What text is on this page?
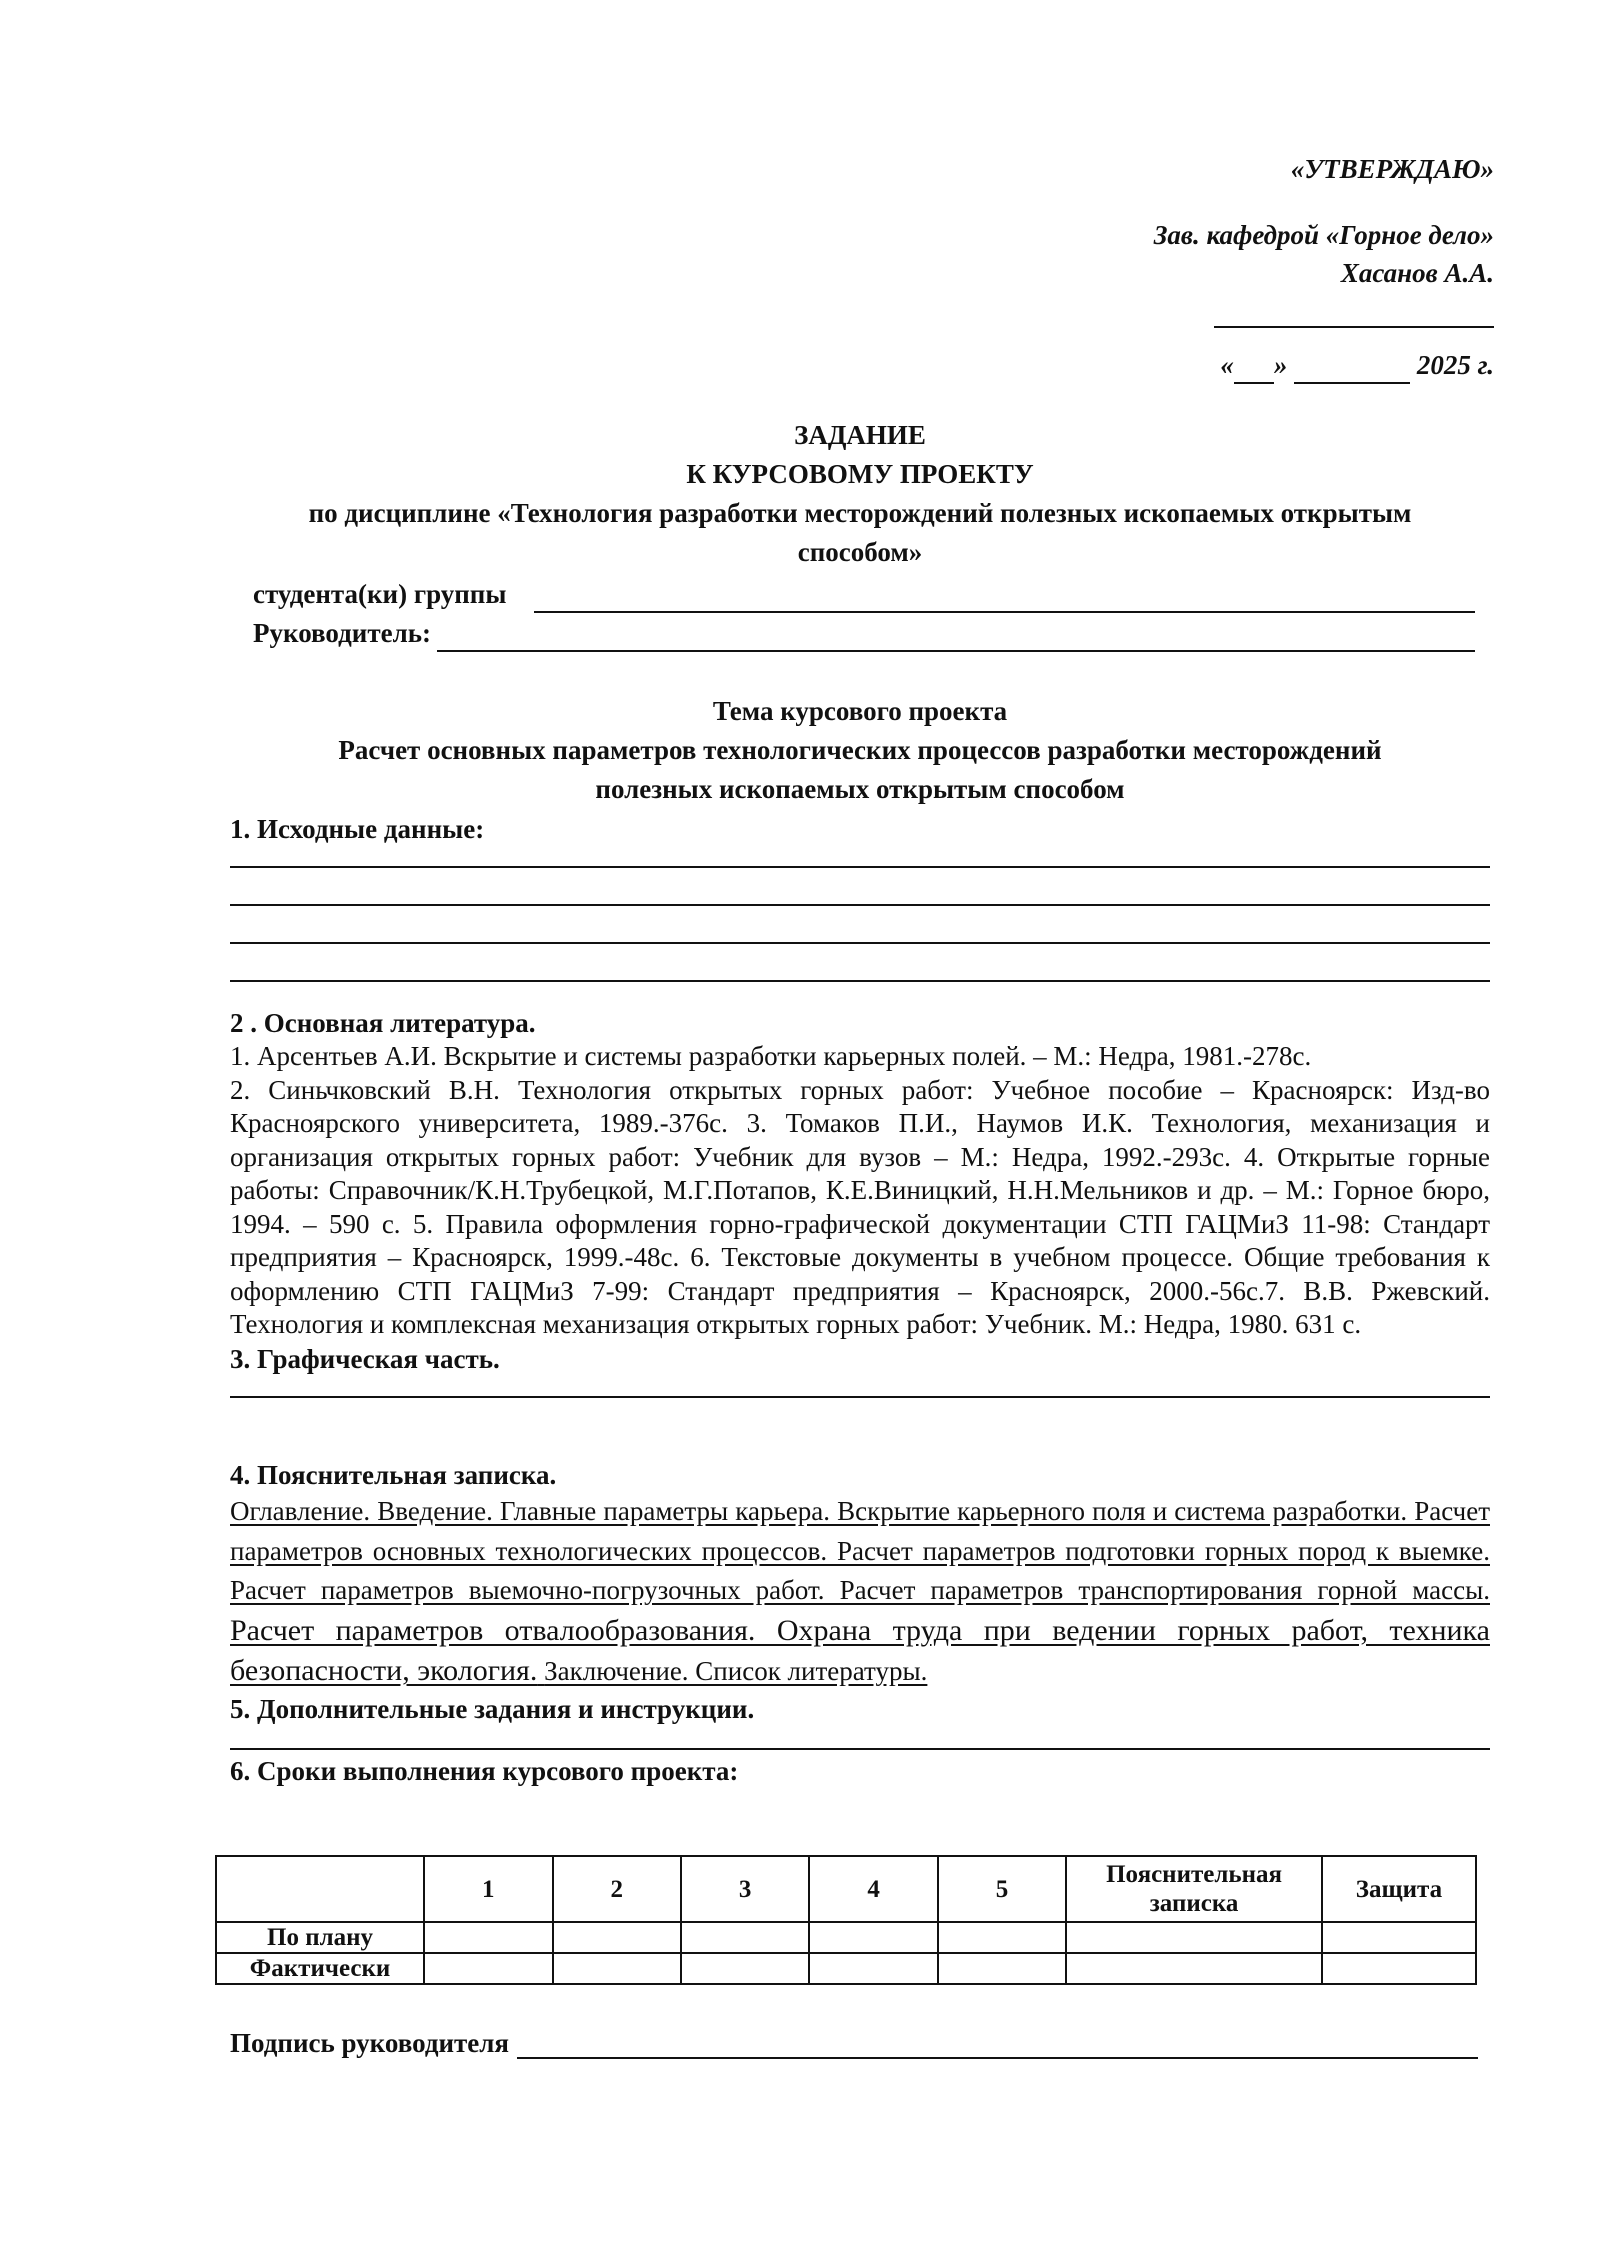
«УТВЕРЖДАЮ»
Зав. кафедрой «Горное дело»
Хасанов А.А.
« »	2025 г.
ЗАДАНИЕ
К КУРСОВОМУ ПРОЕКТУ
по дисциплине «Технология разработки месторождений полезных ископаемых открытым
способом»
студента(ки) группы
Руководитель:
Тема курсового проекта
Расчет основных параметров технологических процессов разработки месторождений
полезных ископаемых открытым способом
1. Исходные данные:
2 . Основная литература.
1. Арсентьев А.И. Вскрытие и системы разработки карьерных полей. – М.: Недра, 1981.-278с.
2. Синьчковский В.Н. Технология открытых горных работ: Учебное пособие – Красноярск: Изд-во Красноярского университета, 1989.-376с. 3. Томаков П.И., Наумов И.К. Технология, механизация и организация открытых горных работ: Учебник для вузов – М.: Недра, 1992.-293с. 4. Открытые горные работы: Справочник/К.Н.Трубецкой, М.Г.Потапов, К.Е.Виницкий, Н.Н.Мельников и др. – М.: Горное бюро, 1994. – 590 с. 5. Правила оформления горно-графической документации СТП ГАЦМиЗ 11-98: Стандарт предприятия – Красноярск, 1999.-48с. 6. Текстовые документы в учебном процессе. Общие требования к оформлению СТП ГАЦМиЗ 7-99: Стандарт предприятия – Красноярск, 2000.-56с.7. В.В. Ржевский. Технология и комплексная механизация открытых горных работ: Учебник. М.: Недра, 1980. 631 с.
3. Графическая часть.
4. Пояснительная записка.
Оглавление. Введение. Главные параметры карьера. Вскрытие карьерного поля и система разработки. Расчет параметров основных технологических процессов. Расчет параметров подготовки горных пород к выемке. Расчет параметров выемочно-погрузочных работ. Расчет параметров транспортирования горной массы. Расчет параметров отвалообразования. Охрана труда при ведении горных работ, техника безопасности, экология. Заключение. Список литературы.
5. Дополнительные задания и инструкции.
6. Сроки выполнения курсового проекта:
	1	2	3	4	5	Пояснительная записка	Защита
По плану							
Фактически							
Подпись руководителя
